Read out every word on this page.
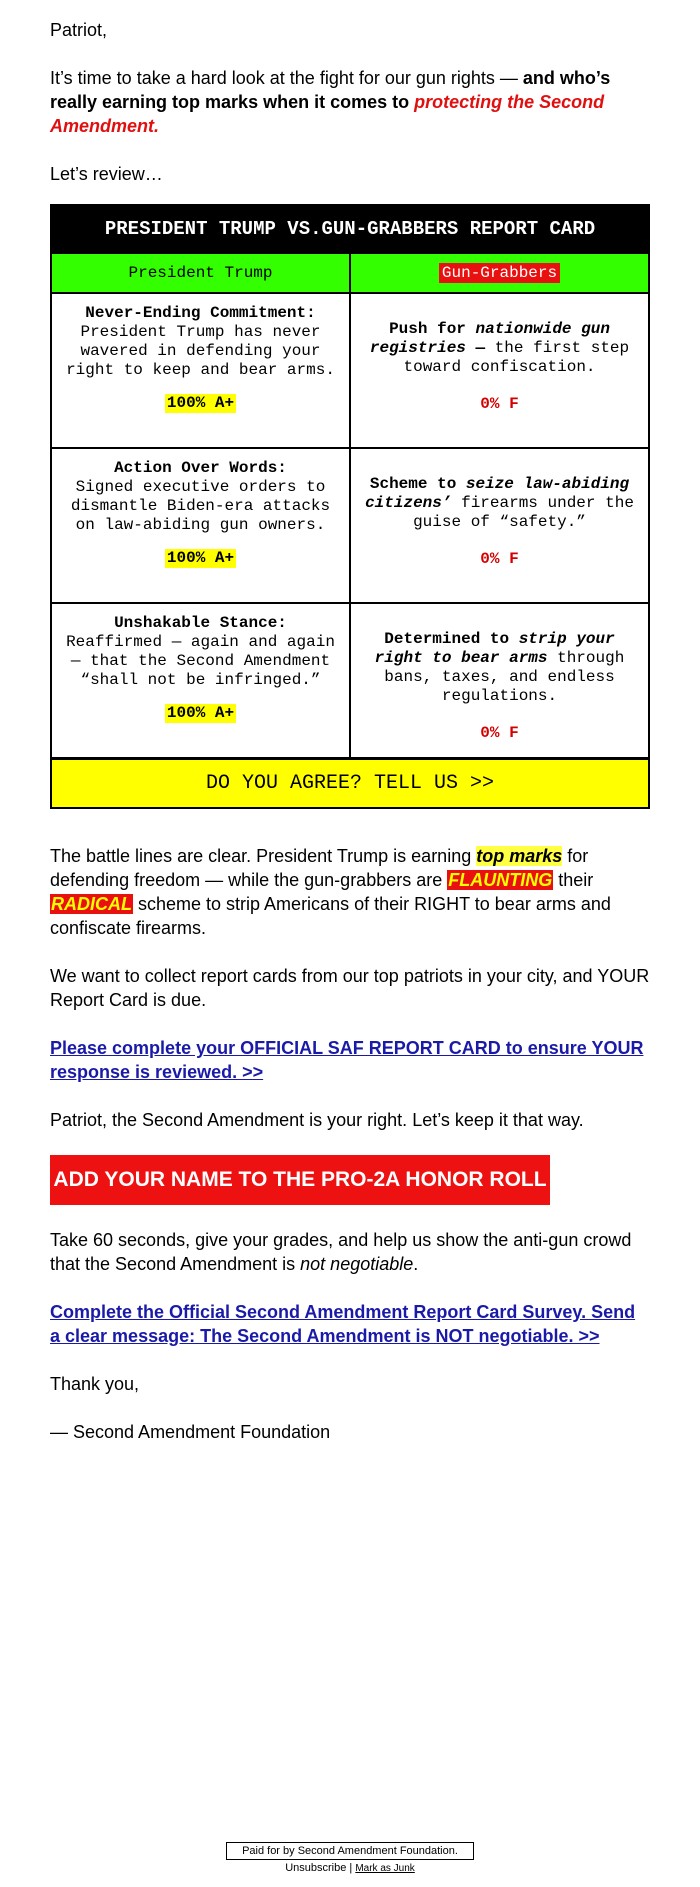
Patriot,

It’s time to take a hard look at the fight for our gun rights — and who’s really earning top marks when it comes to protecting the Second Amendment.

Let’s review…

PRESIDENT TRUMP VS.GUN-GRABBERS REPORT CARD
President Trump	Gun-Grabbers
Never-Ending Commitment:
President Trump has never wavered in defending your right to keep and bear arms.
100% A+
Push for nationwide gun registries — the first step toward confiscation.
0% F
Action Over Words:
Signed executive orders to dismantle Biden-era attacks on law-abiding gun owners.
100% A+
Scheme to seize law-abiding citizens’ firearms under the guise of “safety.”
0% F
Unshakable Stance:
Reaffirmed — again and again — that the Second Amendment “shall not be infringed.”
100% A+
Determined to strip your right to bear arms through bans, taxes, and endless regulations.
0% F
DO YOU AGREE? TELL US >>

The battle lines are clear. President Trump is earning top marks for defending freedom — while the gun-grabbers are FLAUNTING their RADICAL scheme to strip Americans of their RIGHT to bear arms and confiscate firearms.

We want to collect report cards from our top patriots in your city, and YOUR Report Card is due.

Please complete your OFFICIAL SAF REPORT CARD to ensure YOUR response is reviewed. >>

Patriot, the Second Amendment is your right. Let’s keep it that way.

Take 60 seconds, give your grades, and help us show the anti-gun crowd that the Second Amendment is not negotiable.

Complete the Official Second Amendment Report Card Survey. Send a clear message: The Second Amendment is NOT negotiable. >>

Thank you,

— Second Amendment Foundation

ADD YOUR NAME TO THE PRO-2A HONOR ROLL
Paid for by Second Amendment Foundation.
Unsubscribe | Mark as Junk
